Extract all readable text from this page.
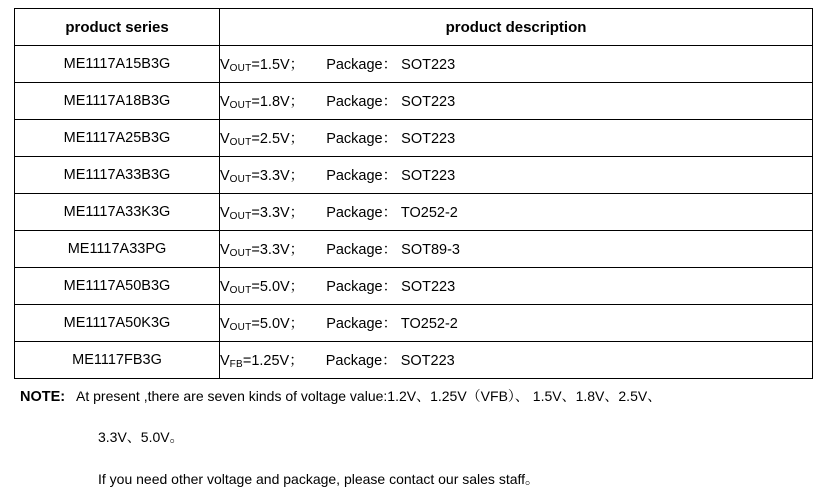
product series	product description
ME1117A15B3G	$V_{OUT}=1.5V$； Package： SOT223
ME1117A18B3G	$V_{OUT}=1.8V$； Package： SOT223
ME1117A25B3G	$V_{OUT}=2.5V$； Package： SOT223
ME1117A33B3G	$V_{OUT}=3.3V$； Package： SOT223
ME1117A33K3G	$V_{OUT}=3.3V$； Package： TO252-2
ME1117A33PG	$V_{OUT}=3.3V$； Package： SOT89-3
ME1117A50B3G	$V_{OUT}=5.0V$； Package： SOT223
ME1117A50K3G	$V_{OUT}=5.0V$； Package： TO252-2
ME1117FB3G	$V_{FB}=1.25V$； Package： SOT223
NOTE: At present ,there are seven kinds of voltage value:1.2V、1.25V（VFB）、 1.5V、1.8V、2.5V、
3.3V、5.0V。
If you need other voltage and package, please contact our sales staff。
